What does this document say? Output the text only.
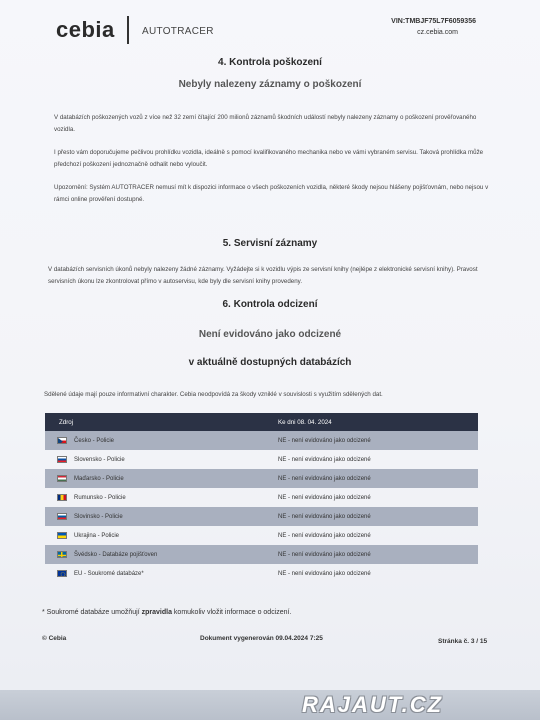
cebia	AUTOTRACER
VIN:TMBJF75L7F6059356
cz.cebia.com
4. Kontrola poškození
Nebyly nalezeny záznamy o poškození

V databázích poškozených vozů z více než 32 zemí čítající 200 milionů záznamů škodních událostí nebyly nalezeny záznamy o poškození prověřovaného vozidla.

I přesto vám doporučujeme pečlivou prohlídku vozidla, ideálně s pomocí kvalifikovaného mechanika nebo ve vámi vybraném servisu. Taková prohlídka může předchozí poškození jednoznačně odhalit nebo vyloučit.

Upozornění: Systém AUTOTRACER nemusí mít k dispozici informace o všech poškozeních vozidla, některé škody nejsou hlášeny pojišťovnám, nebo nejsou v rámci online prověření dostupné.

5. Servisní záznamy

V databázích servisních úkonů nebyly nalezeny žádné záznamy. Vyžádejte si k vozidlu výpis ze servisní knihy (nejlépe z elektronické servisní knihy). Pravost servisních úkonu lze zkontrolovat přímo v autoservisu, kde byly dle servisní knihy provedeny.

6. Kontrola odcizení
Není evidováno jako odcizené
v aktuálně dostupných databázích

Sdělené údaje mají pouze informativní charakter. Cebia neodpovídá za škody vzniklé v souvislosti s využitím sdělených dat.

Zdroj	Ke dni 08. 04. 2024
Česko - Policie	NE - není evidováno jako odcizené
Slovensko - Policie	NE - není evidováno jako odcizené
Maďarsko - Policie	NE - není evidováno jako odcizené
Rumunsko - Policie	NE - není evidováno jako odcizené
Slovinsko - Policie	NE - není evidováno jako odcizené
Ukrajina - Policie	NE - není evidováno jako odcizené
Švédsko - Databáze pojišťoven	NE - není evidováno jako odcizené
EU - Soukromé databáze*	NE - není evidováno jako odcizené
* Soukromé databáze umožňují zpravidla komukoliv vložit informace o odcizení.
© Cebia	Dokument vygenerován 09.04.2024 7:25	Stránka č. 3 / 15
RAJAUT.CZ
